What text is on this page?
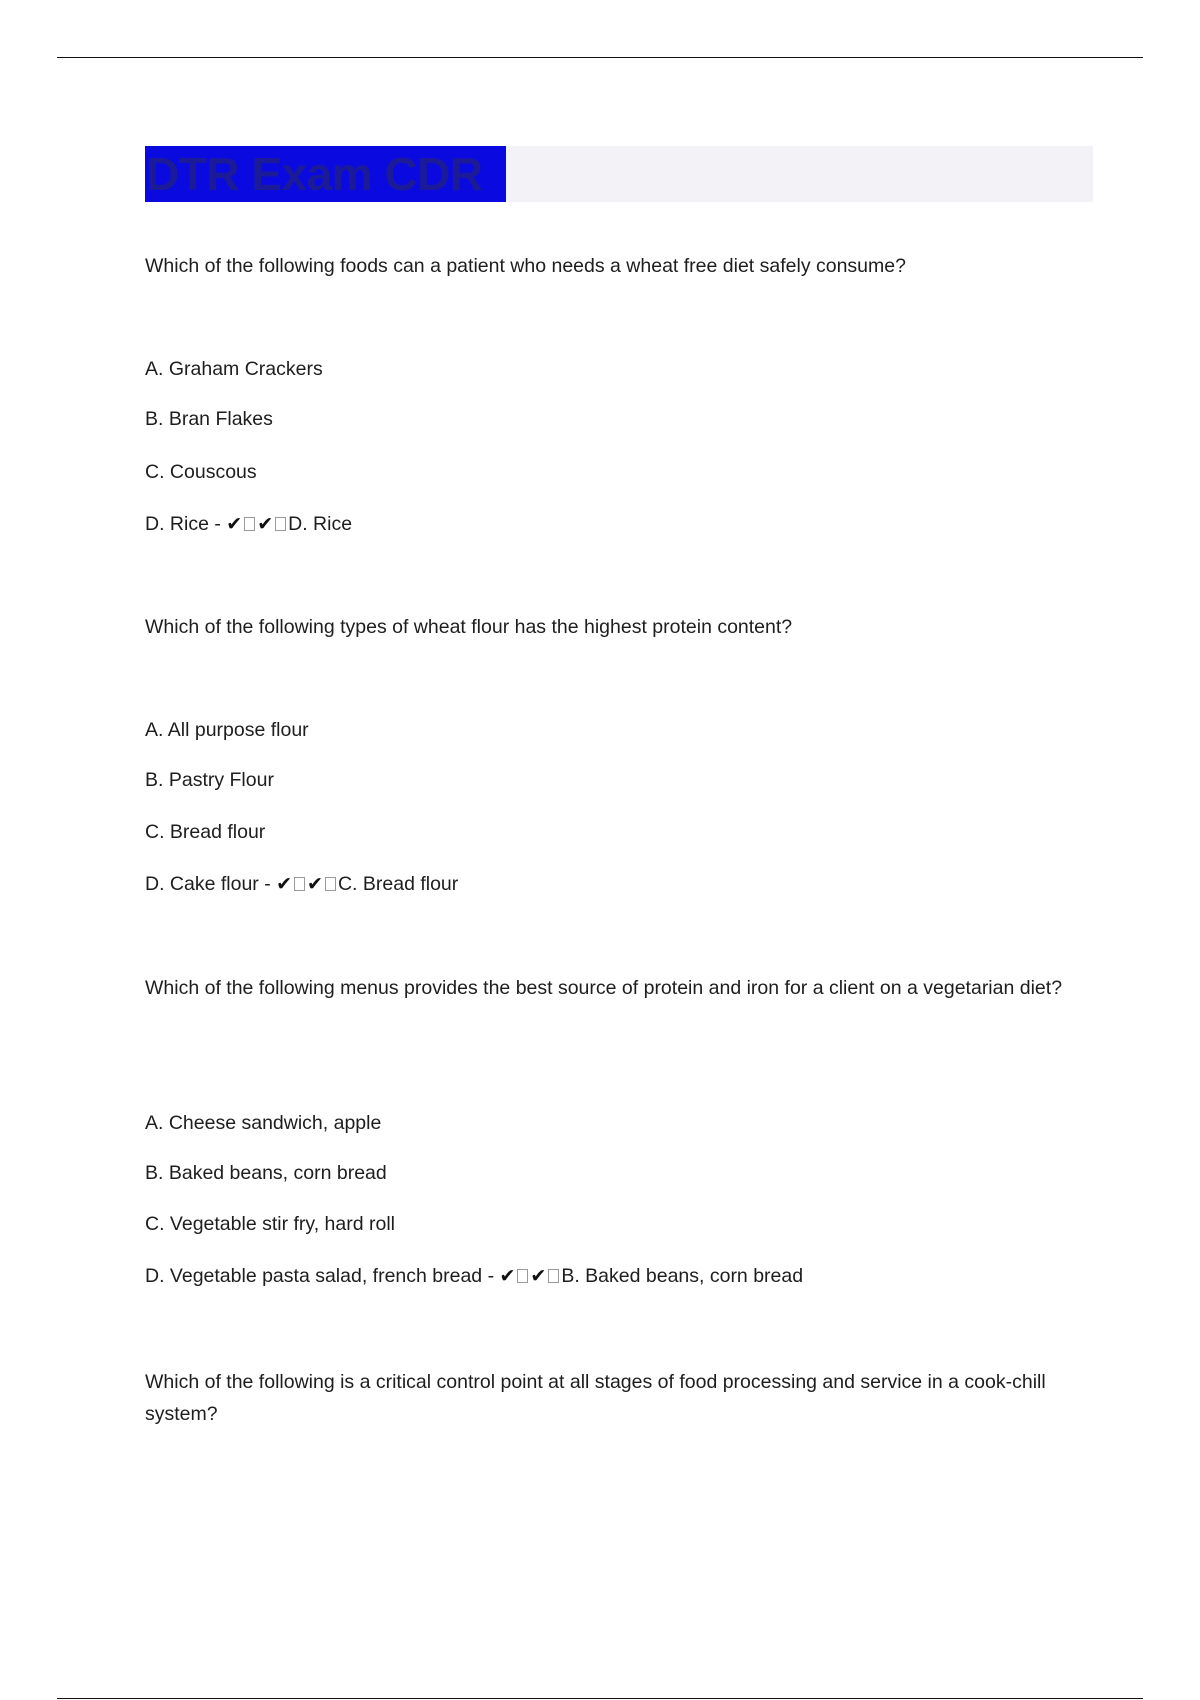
DTR Exam CDR
Which of the following foods can a patient who needs a wheat free diet safely consume?
A. Graham Crackers
B. Bran Flakes
C. Couscous
D. Rice - ✔ ✔ D. Rice
Which of the following types of wheat flour has the highest protein content?
A. All purpose flour
B. Pastry Flour
C. Bread flour
D. Cake flour - ✔ ✔ C. Bread flour
Which of the following menus provides the best source of protein and iron for a client on a vegetarian diet?
A. Cheese sandwich, apple
B. Baked beans, corn bread
C. Vegetable stir fry, hard roll
D. Vegetable pasta salad, french bread - ✔ ✔ B. Baked beans, corn bread
Which of the following is a critical control point at all stages of food processing and service in a cook-chill system?
